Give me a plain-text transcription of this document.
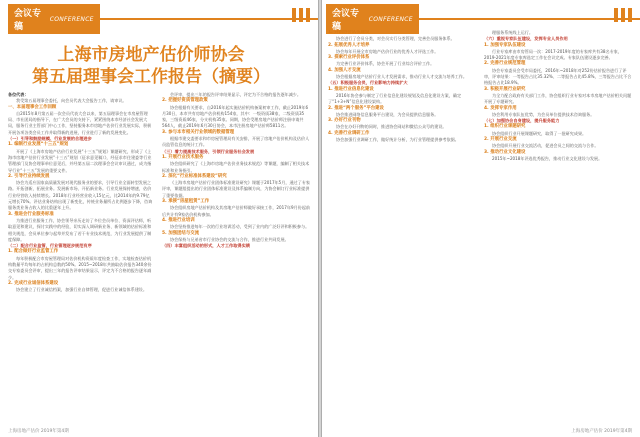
会议专稿
CONFERENCE
上海市房地产估价师协会
第五届理事会工作报告（摘要）

各位代表：

我受第五届理事会委托，向会员代表大会报告工作，请审议。

一、本届理事会工作回顾

自2015年8月第五届一次会员代表大会以来，第五届理事会在市房屋管理局、市社团局的指导下，在广大会员的支持下，紧紧围绕本市经济社会发展大局，服务行业主管部门中心工作，坚持服务本市房地产估价行业发展实际，积极开展各项各类会员工作并取得新的进展，行业进行了新的发展变化。

（一）引导和鼓励规模、行业发展的合理进步
1. 编制行业发展“十三五”规划

开展了《上海市房地产估价行业发展“十三五”规划》课题研究，形成了《上海市房地产估价行业发展“十三五”规划（征求意见稿）》，经征求市住建委等行业管理部门及协会理事单位意见后，并经第五届二次理事会会议审议通过，成为指导行业“十三五”发展的重要文件。

2. 引导行业持续发展

协会为适应国家高质量发展对现代服务业的要求，引导行业全面转型发展之路。开拓创新，拓展业务。发展新市场、开拓新业务。行业发展保持增速，估价行业经营收入持续增长。2018年行业经营业收入15亿元，比2014年的9.79亿元增长70%。评估业务结构出现了新变化，传统业务量所占比例逐步下降，咨询服务类业务占收入的比重逐年上升。

3. 推进会行业服务标准

为推进行业服务工作，协会领导亲历走访了多位会员单位、资深评估师，听取意见和建议，探讨实践中的经验，切实深入调研新业务、新领域的估价标准和相关规范，会员单位参与起草并发布了若干专业技术规范，为行业发展提供了制度保障。

（二）配合行业监管，行业管理逐步规范有序
1. 配合做好行业监管工作

每年积极配合市房屋管理局对估价机构资质年度检查工作，实地检查估价机构数量平均每年约占机构总数的50%。2015~2018年共抽取估价报告340余份交专家委员会评审，提出三年的报告评审结果显示，评定为不合格的报告逐年减少。

2. 完成行业诚信体系建设

协会建立了行业诚信档案，加强行业自律管理，促进行业诚信体系建设。

会评审，提出三年的报告评审结果显示，评定为不合格的报告逐年减少。

2. 把握好资质管理政策

协会根据有关要求，自2016年起实施估价机构备案初审工作，截止2019年6月30日，本市共有房地产估价机构154家，其中：一级资质38家，二级资质35家，三级资质46家，分支机构35家。同期，协会受理房地产估价师注册申请共564人，截止2019年6月30日协会，本市注册房地产估价师5811名。

3. 参与本市相关行业领域的数据管理

根据市建交委要求和市房屋管理局有关安排，开展了房地产估价机构及估价人员监管信息的统计工作。

（三）着力提高技术服务，引领行业服务社会发展
1. 开展行业技术服务

协会组织研究了《上海市房地产估价业务技术规范》等课题，编制了相关技术标准和业务指引。

2. 深化“行业标准体系建设”研究

《上海市房地产估价行业团体标准建设研究》课题于2017年5月，通过了专家评审，课题组提出的行业团体标准建设及体系编制方向，为协会制订行业标准提供了重要依据。

3. 承接“房屋租赁”工作

协会组织房地产估价机构及其房地产估价师做好承接工作，2017年9月份起前后共计有9家估价机构参加。

4. 推进行业培训

协会坚持推进每年一次的行业培训活动，受到了业内的广泛好评和积极参与。

5. 加强团结与交流

协会保持与兄弟省市行业协会的交流与合作，推进行业共同发展。

（四）丰富组织活动的形式，人才工作取得实绩
上海房地产估价 2019年第4期
会议专稿
CONFERENCE
1. 开创协会队伍建设

协会进行了会员分类，对会员实行分类管理，完善会员服务体系。

2. 拓展优秀人才培养

协会每年开展全市房地产估价行业的优秀人才评选工作。

3. 探索行业评价体系

为完善行业评价体系，协会开展了行业综合评价工作。

4. 加强人才交流

协会根据房地产估价行业人才发展需求，推动行业人才交流与培养工作。

（五）积极服务会员，行业影响力持续扩大
1. 推进行业信息化建设

2016年协会参与制定了行业信息化建设规划及信息化建设方案，确定了“1+3+N”信息化建设架构。

2. 推进“两个服务”平台建设

协会推进网络信息服务平台建设，为会员提供信息服务。

3. 办好行业刊物

协会在办好刊物的同时，推进协会网站和微信公众号的建设。

4. 完善行业调研工作

协会加强行业调研工作，做好统计分析，为行业管理提供参考依据。

理服务系统线上运行。

（六）重视专家队伍建设，发挥专业人员作用
1. 加强专家队伍建设

行业专家库由市房管局一次：2017-2019年度的专家库共有38名专家，2019-2021年度专家库选定工作在会议完成。专家队伍建设逐步完善。

2. 完善行业规范管理

协会专家委员会受市局委托，2016年~2018年对252份估价报告进行了评审，评审结果：一等报告占比35.32%、二等报告占比45.8%，三等报告占比不合格报告占比18.9%。

3. 积极开展行业研究

为全力配合政府有关部门工作，协会组织行业专家对本市房地产估价相关问题开展了专题研究。

4. 发挥专家作用

协会利用专家队伍优势，为会员单位提供技术咨询服务。

（七）加强协会自身建设，提升服务能力
1. 组织行业课题研究

协会组织行业开展课题研究，取得了一批研究成果。

2. 开展行业交流

协会组织开展行业交流活动，促进会员之间的交流与合作。

3. 推动行业文化建设

2015年~2018年评选优秀报告，推动行业文化建设与发展。

上海房地产估价 2019年第4期
